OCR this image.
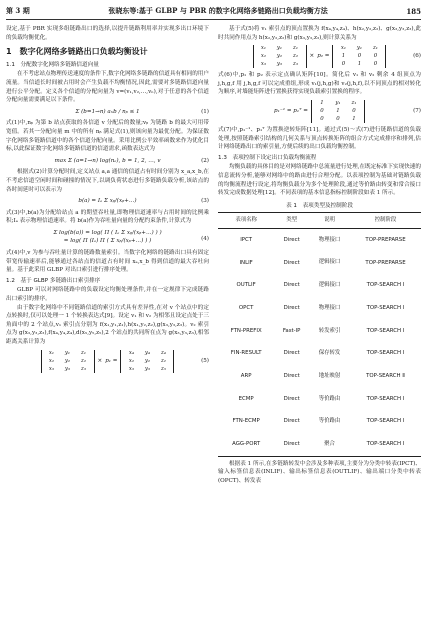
第 3 期	张晓东等:基于 GLBP 与 PBR 的数字化网络多链路出口负载均衡方法	185

设定,基于 PBR 实现多组链路出口的选择,以提升链路利用率并实现多出口环境下的负载均衡优化。

1　数字化网络多链路出口负载均衡设计
1.1　分配数字化网络多链路信道向量

在不考虑站点物理传送速度的条件下,数字化网络多链路的信道具有相同的用户流量。当信道长时间被占用时会产生负载不均衡情况,因此,需要对多链路信道向量进行公平分配。定义各个信道的分配向量为 v=(v₁,v₂,…,vₙ),对于任意的各个信道分配向量需要满足以下条件。

Σ (b=1→n) aₕb / nᵦ
≤ 1	(1)

式(1)中,nᵦ 为第 b 站点获取的各信道 v 分配后的数量;vᵦ 为链路 b 的最大可用带宽值。若其一分配向量 m 中的所有 nᵦ 满足式(1),则该向量为最优分配。为保证数字化网络多链路信道中的各个信道分配向量。采用比例公平效率函数来作为优化目标,以此保证数字化网络多链路信道的信道需求,函数表达式为

max Σ (a=1→n) log(nₐ), b = 1, 2, …, v	(2)

根据式(2)计算分配时间,定义站点 a,a 通信的信道占有时间分别为 x_a,x_b,在不考虑信道空闲时间和碰撞的情况下,以调负荷状态进行多链路负载分析,该站点的各时间延时可以表示为

b(a) = Iₐ Σ xᵦ/(xᵦ+…)	(3)

式(3)中,b(a)为分配给站点 a 的期望吞吐量,即物理信道速率与占用时间的比例乘积;Iₐ 表示物理信道速率。将 b(a)作为吞吐量向量的分配约束条件,计算式为

Σ log(b(a)) = log( Π ( Iₐ Σ xᵦ/(xᵦ+…) ) )
= log( Π (Iₐ) Π ( Σ xᵦ/(xᵦ+…) ) )	(4)

式(4)中,v 为参与吞吐量计算的链路数量索引。当数字化网络的链路出口具有固定带宽传输速率后,能够通过各站点的信道占有时间 xₐ,x_b 得到信道的最大吞吐向量。基于此采用 GLBP 对出口索引进行排序处理。

1.2　基于 GLBP 多链路出口索引排序

GLBP 可以对网络链路中的负载设定均衡处理条件,并在一定规律下完成链路出口索引的排序。

由于数字化网络中不同链路信道的索引方式具有差异性,在对 v 个站点中的定点转换时,仅可以处理一 1 个转换表达式[9]。设定 v₁ 和 v₂ 为相邻且设定点处于三角面中的 2 个站点,v₁ 索引点分别为 f(x₁,y₁,z₁),h(x₁,y₂,z₂),g(x₃,y₃,z₃)。v₂ 索引点为 g(x₃,y₃,z₃),f(x₄,y₄,z₄),d(x₅,y₅,z₅),2 个站点的共同所在点为 g(x₃,y₃,z₃),相邻距离关系计算为

x₁	y₁	z₁
x₂	y₂	z₂
x₃	y₃	z₃
× p₁ =
x₄	y₄	z₄
x₂	y₂	z₂
x₃	y₃	z₃
(5)

基于式(5)将 v₁ 索引点的顶点置换为 f(x₄,y₄,z₄)、h(x₂,y₂,z₂)、g(x₃,y₃,z₃),此时共同作用点为 h(x₂,y₂,z₂)和 g(x₃,y₃,z₃),则计算关系为

x₁	y₁	z₁
x₂	y₂	z₂
x₃	y₃	z₃
× p₂ =
x₁	y₁	z₁
1	0	0
0	1	0
(6)

式(6)中,p₁ 和 p₂ 表示定点确认矩阵[10]。简化后 v₁ 和 v₂ 剩余 4 组顶点为 j,h,g,f 用 j,h,g,f 可以完成重组,形成 v₁(j,h,g)和 v₂(j,h,f),以不同顶点的相对转化为顺序,对墙能矩阵进行置换获得实现负载索引置换的程序。

p₁⁻¹ = p₁ᵀ =
1	y₁	z₁
0	1	0
0	0	1
(7)

式(7)中,p₁⁻¹、p₁ᵀ 为置换逆转矩阵[11]。通过式(5)～式(7)进行链路信道的负载处理,按照链路索引结构的几何关系与顶点转换矩阵的组合方式完成排序和排列,估计网络链路出口的索引量,方便后续的出口负载均衡控制。

1.3　表项控制下设定出口负载均衡流程

均衡负载的具体目的是对网络链路中总流量进行处理,在既定标准下实现快速的信息流转分析,能够对网络中的路由进行合理分配。以表项控制为基础对链路负载的均衡流程进行设定,将均衡负载分为多个处理阶段,通过等价路由转变和常合接口转发完成数据处理[12]。不同表项的基本信息指标控制阶段如表 1 所示。

表 1　表项类型及控制阶段
表项名称	类型	说明	控制阶段
IPCT	Direct	物理接口	TOP-PREPARSE
INLIF	Direct	逻辑接口	TOP-PREPARSE
OUTLIF	Direct	逻辑接口	TOP-SEARCH Ⅰ
OPCT	Direct	物理接口	TOP-SEARCH Ⅰ
FTN-PREFIX	Fast-IP	转发索引	TOP-SEARCH Ⅰ
FIN-RESULT	Direct	保存转发	TOP-SEARCH Ⅰ
ARP	Direct	地址映射	TOP-SEARCH Ⅱ
ECMP	Direct	等价路由	TOP-SEARCH Ⅰ
FTN-ECMP	Direct	等价路由	TOP-SEARCH Ⅰ
AGG-PORT	Direct	聚合	TOP-SEARCH Ⅰ

根据表 1 所示,在多链路转发中会涉及多种表项,主要分为分类中转表(IPCT)、输入标签信息表(INLIF)、输出标签信息表(OUTLIF)、输出端口分类中转表(OPCT)、转发表
